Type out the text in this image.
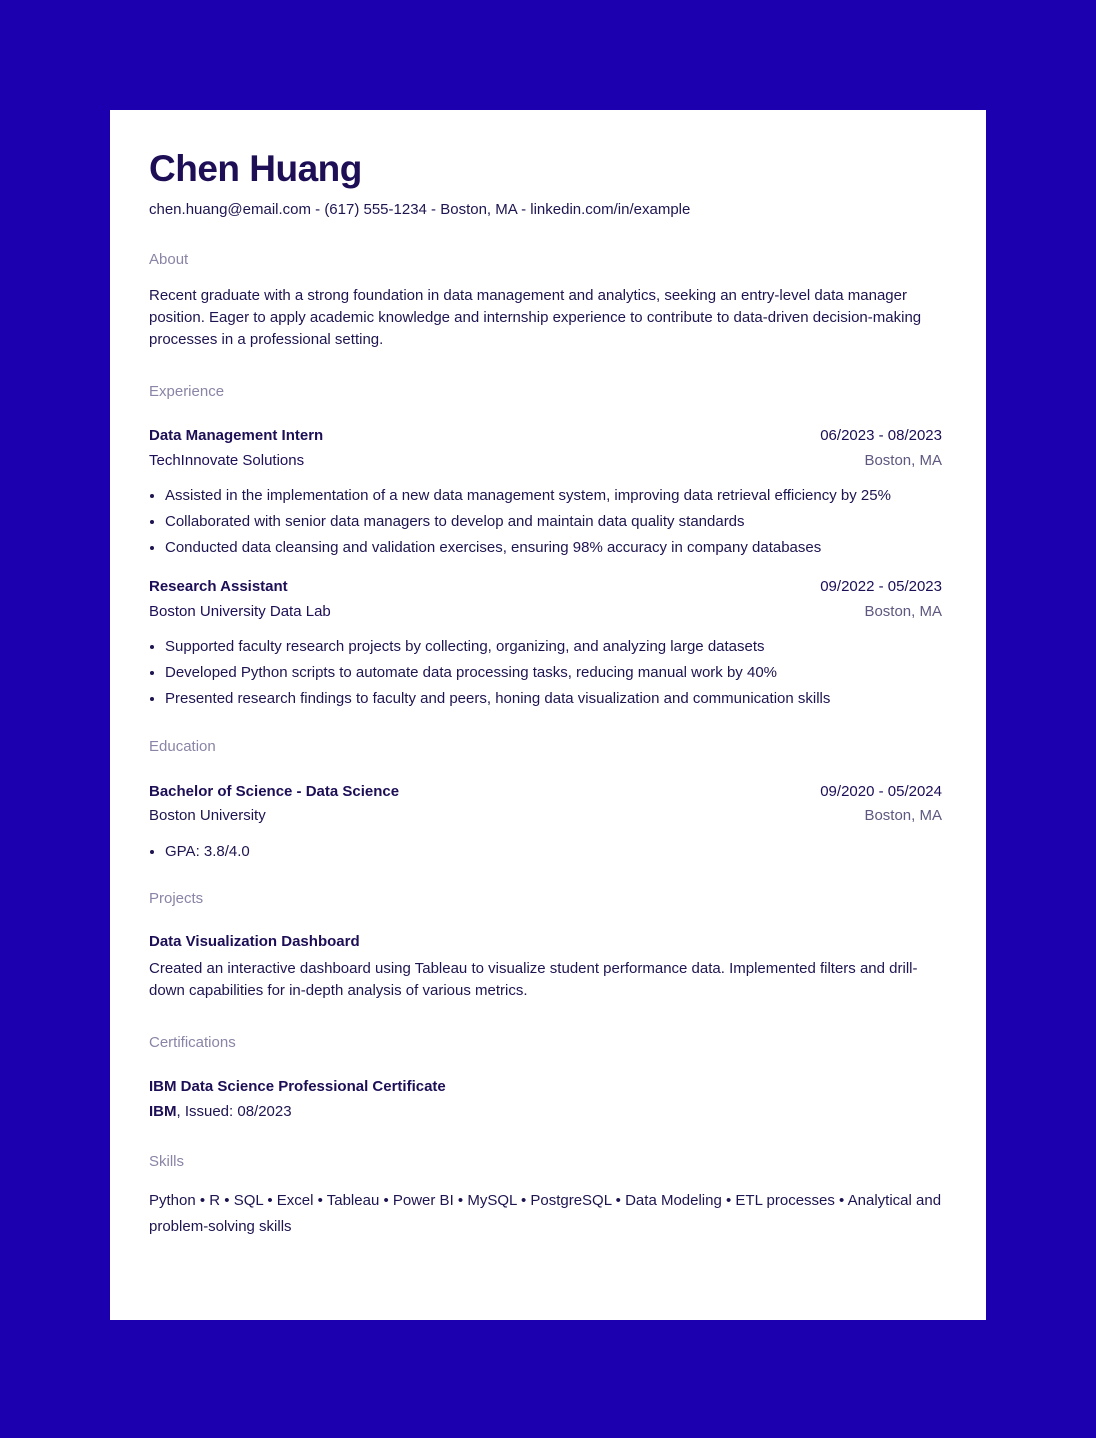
Chen Huang
chen.huang@email.com - (617) 555-1234 - Boston, MA - linkedin.com/in/example
About
Recent graduate with a strong foundation in data management and analytics, seeking an entry-level data manager position. Eager to apply academic knowledge and internship experience to contribute to data-driven decision-making processes in a professional setting.
Experience
Data Management Intern	06/2023 - 08/2023
TechInnovate Solutions	Boston, MA
• Assisted in the implementation of a new data management system, improving data retrieval efficiency by 25%
• Collaborated with senior data managers to develop and maintain data quality standards
• Conducted data cleansing and validation exercises, ensuring 98% accuracy in company databases
Research Assistant	09/2022 - 05/2023
Boston University Data Lab	Boston, MA
• Supported faculty research projects by collecting, organizing, and analyzing large datasets
• Developed Python scripts to automate data processing tasks, reducing manual work by 40%
• Presented research findings to faculty and peers, honing data visualization and communication skills
Education
Bachelor of Science - Data Science	09/2020 - 05/2024
Boston University	Boston, MA
• GPA: 3.8/4.0
Projects
Data Visualization Dashboard
Created an interactive dashboard using Tableau to visualize student performance data. Implemented filters and drill-down capabilities for in-depth analysis of various metrics.
Certifications
IBM Data Science Professional Certificate
IBM, Issued: 08/2023
Skills
Python • R • SQL • Excel • Tableau • Power BI • MySQL • PostgreSQL • Data Modeling • ETL processes • Analytical and problem-solving skills
